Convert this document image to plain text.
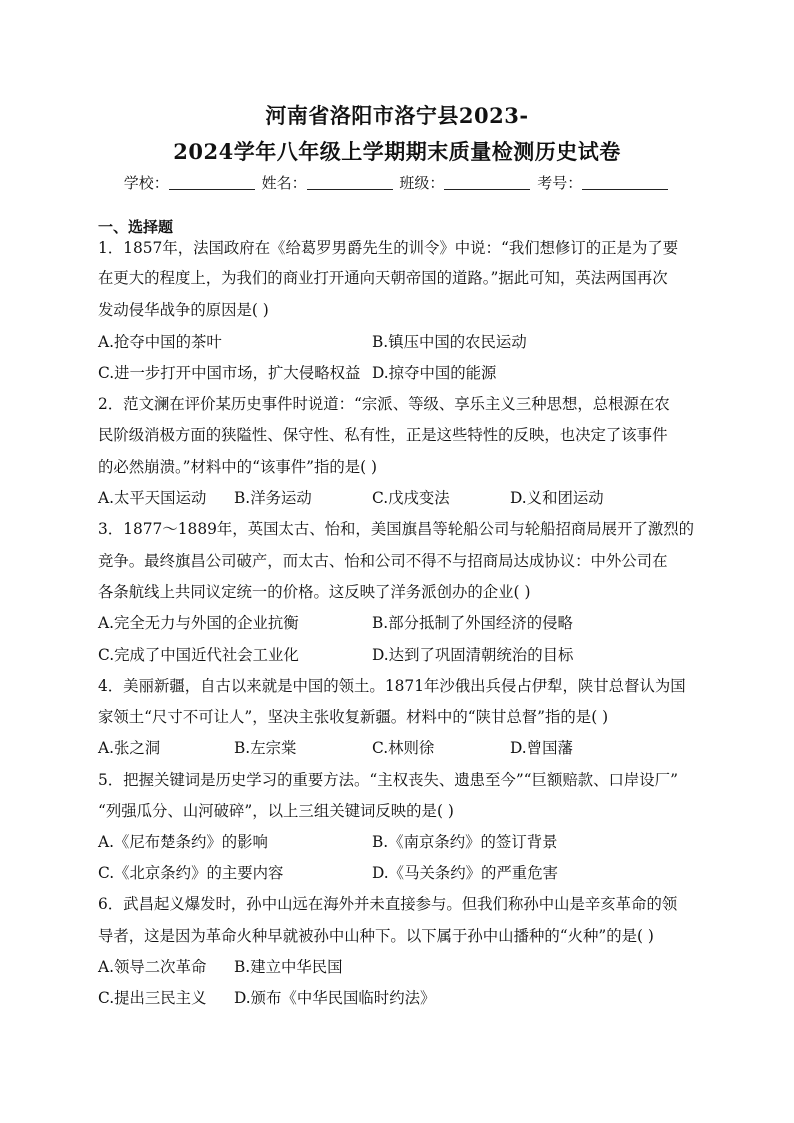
河南省洛阳市洛宁县2023-
2024学年八年级上学期期末质量检测历史试卷
学校：	姓名：	班级：	考号：
一、选择题
1．1857年，法国政府在《给葛罗男爵先生的训令》中说：“我们想修订的正是为了要
在更大的程度上，为我们的商业打开通向天朝帝国的道路。”据此可知，英法两国再次
发动侵华战争的原因是( )
A.抢夺中国的茶叶	B.镇压中国的农民运动
C.进一步打开中国市场，扩大侵略权益 D.掠夺中国的能源
2．范文澜在评价某历史事件时说道：“宗派、等级、享乐主义三种思想，总根源在农
民阶级消极方面的狭隘性、保守性、私有性，正是这些特性的反映，也决定了该事件
的必然崩溃。”材料中的“该事件”指的是( )
A.太平天国运动 B.洋务运动	C.戊戌变法	D.义和团运动
3．1877～1889年，英国太古、怡和，美国旗昌等轮船公司与轮船招商局展开了激烈的
竞争。最终旗昌公司破产，而太古、怡和公司不得不与招商局达成协议：中外公司在
各条航线上共同议定统一的价格。这反映了洋务派创办的企业( )
A.完全无力与外国的企业抗衡	B.部分抵制了外国经济的侵略
C.完成了中国近代社会工业化	D.达到了巩固清朝统治的目标
4．美丽新疆，自古以来就是中国的领土。1871年沙俄出兵侵占伊犁，陕甘总督认为国
家领土“尺寸不可让人”，坚决主张收复新疆。材料中的“陕甘总督”指的是( )
A.张之洞	B.左宗棠	C.林则徐	D.曾国藩
5．把握关键词是历史学习的重要方法。“主权丧失、遗患至今”“巨额赔款、口岸设厂”
“列强瓜分、山河破碎”，以上三组关键词反映的是( )
A.《尼布楚条约》的影响	B.《南京条约》的签订背景
C.《北京条约》的主要内容	D.《马关条约》的严重危害
6．武昌起义爆发时，孙中山远在海外并未直接参与。但我们称孙中山是辛亥革命的领
导者，这是因为革命火种早就被孙中山种下。以下属于孙中山播种的“火种”的是( )
A.领导二次革命 B.建立中华民国
C.提出三民主义 D.颁布《中华民国临时约法》
